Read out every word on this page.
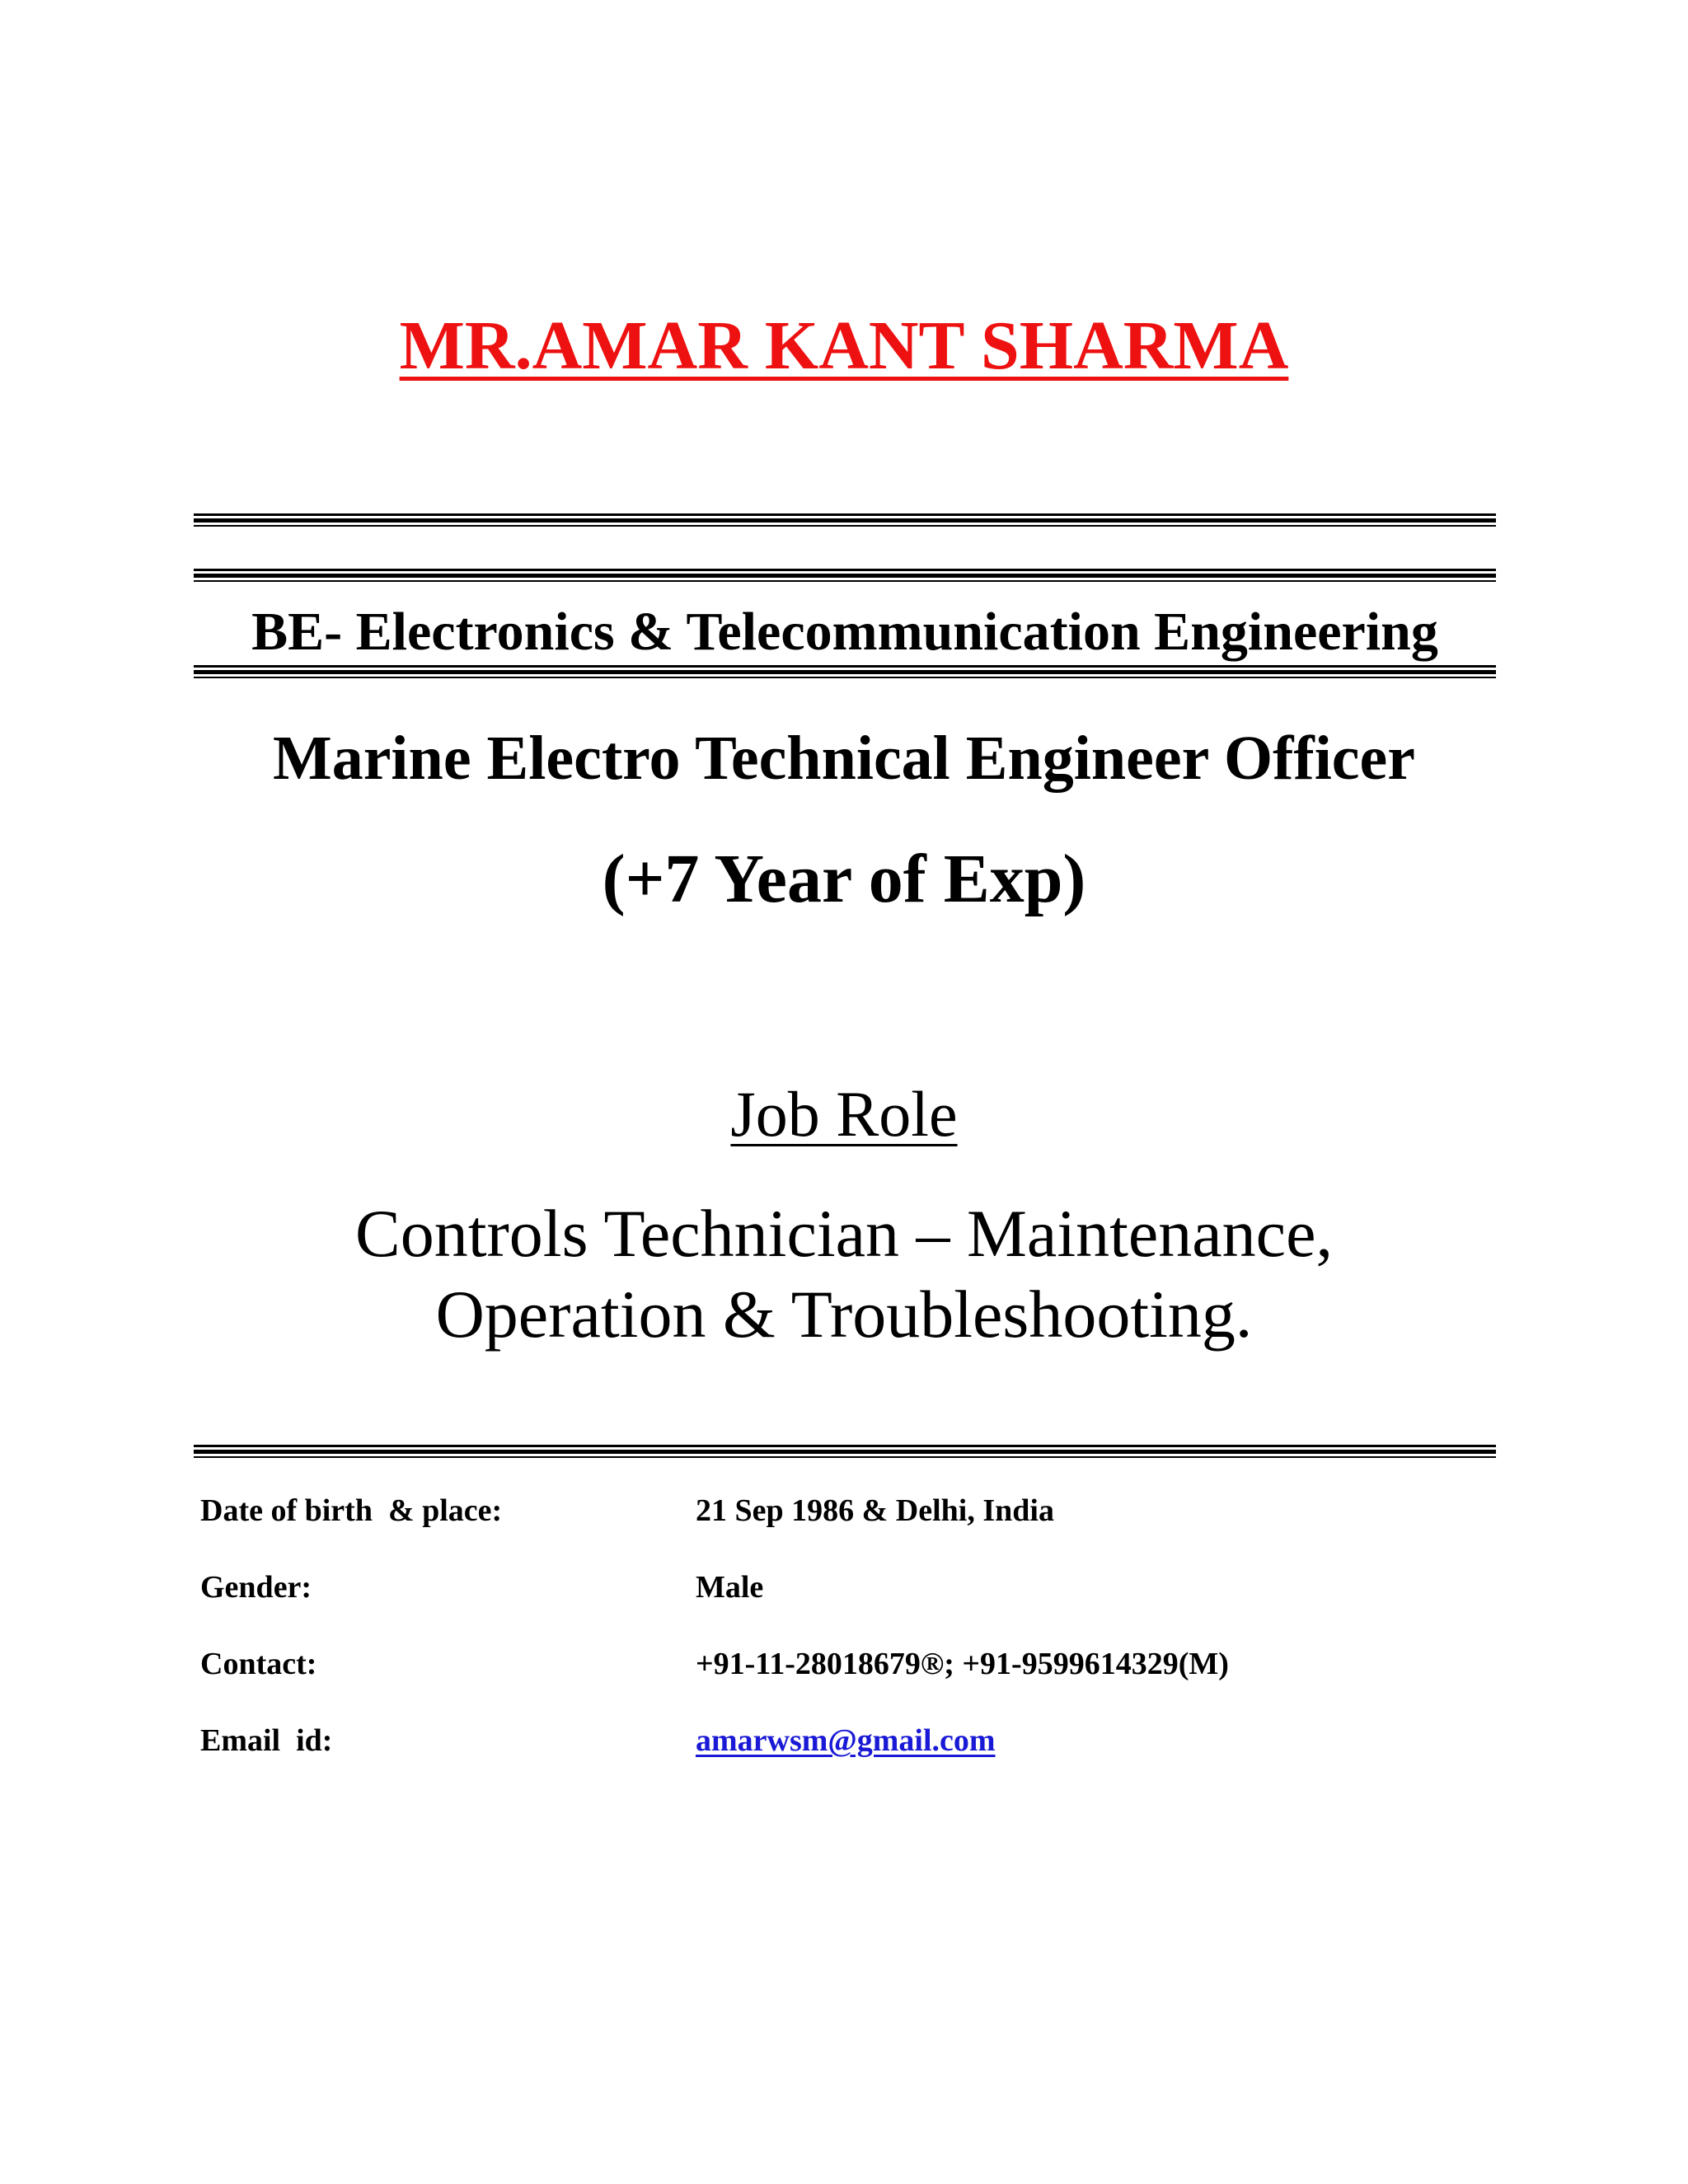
MR.AMAR KANT SHARMA
BE- Electronics & Telecommunication Engineering
Marine Electro Technical Engineer Officer
(+7 Year of Exp)
Job Role
Controls Technician – Maintenance,
Operation & Troubleshooting.
Date of birth  & place:	21 Sep 1986 & Delhi, India
Gender:	Male
Contact:	+91-11-28018679®; +91-9599614329(M)
Email  id:	amarwsm@gmail.com
